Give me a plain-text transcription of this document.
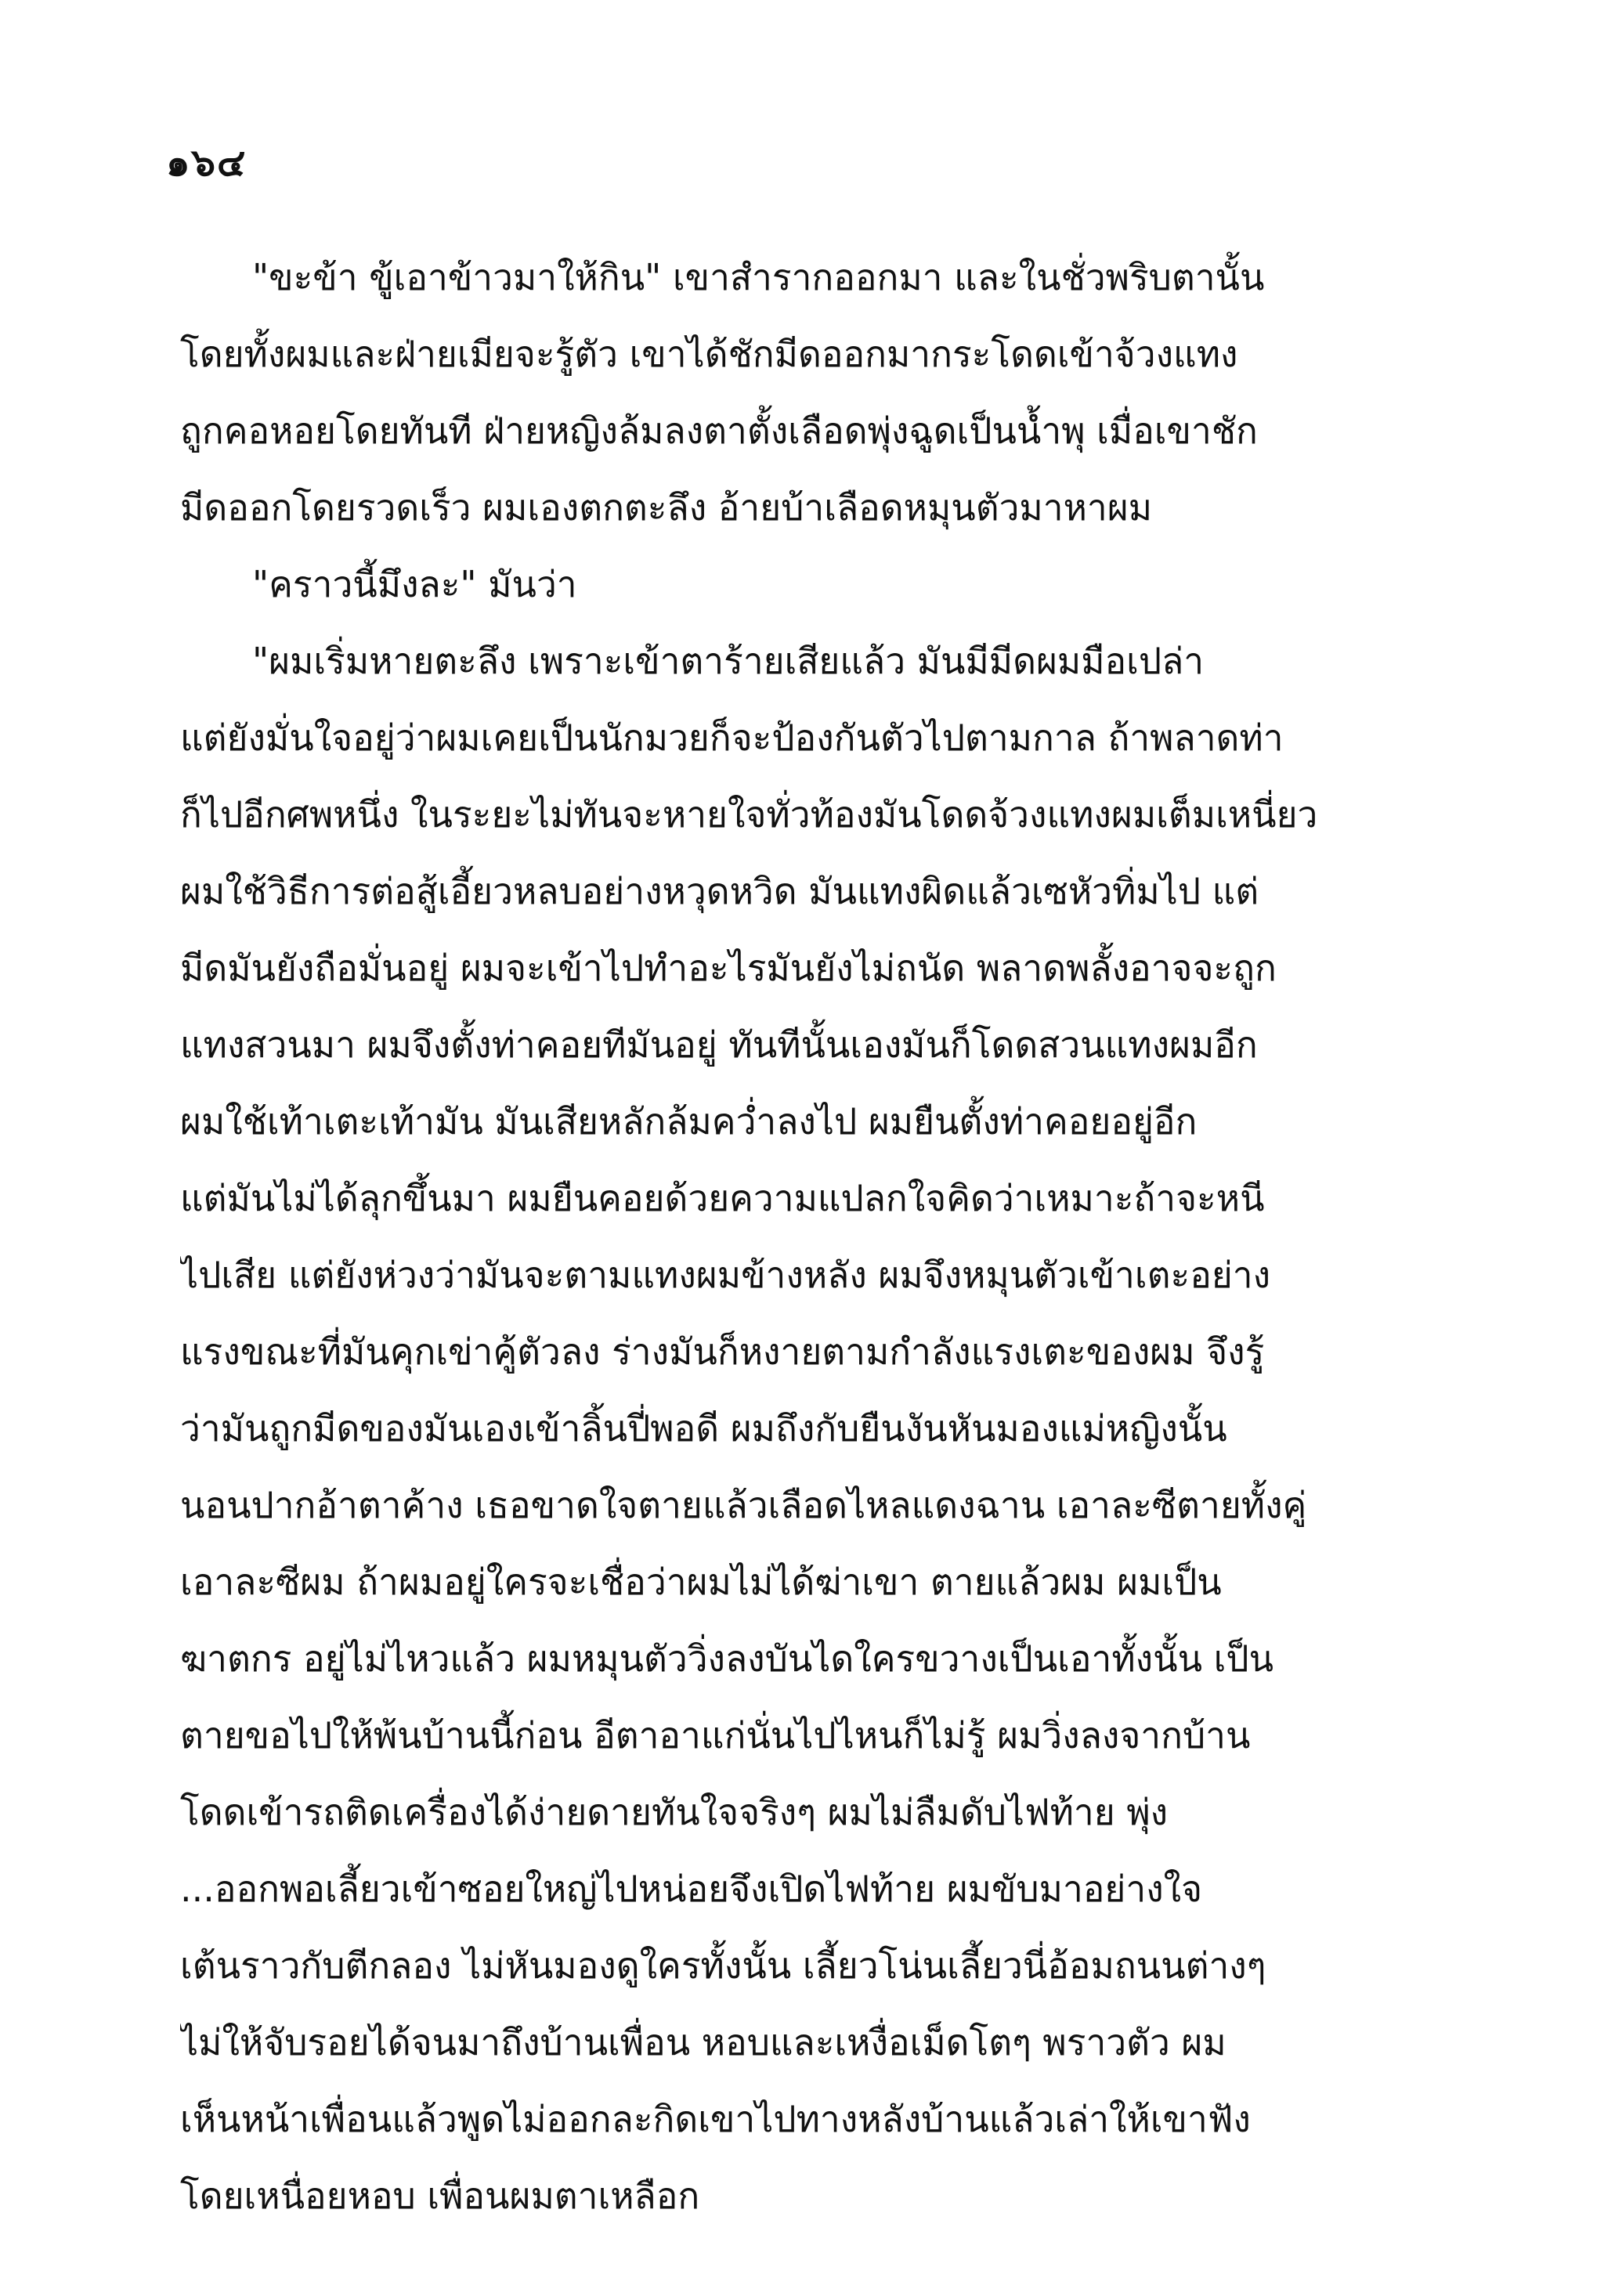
๑๖๔
"ขะข้า ขู้เอาข้าวมาให้กิน" เขาสำรากออกมา และในชั่วพริบตานั้น
โดยทั้งผมและฝ่ายเมียจะรู้ตัว เขาได้ชักมีดออกมากระโดดเข้าจ้วงแทง
ถูกคอหอยโดยทันที ฝ่ายหญิงล้มลงตาตั้งเลือดพุ่งฉูดเป็นน้ำพุ เมื่อเขาชัก
มีดออกโดยรวดเร็ว ผมเองตกตะลึง อ้ายบ้าเลือดหมุนตัวมาหาผม
"คราวนี้มึงละ" มันว่า
"ผมเริ่มหายตะลึง เพราะเข้าตาร้ายเสียแล้ว มันมีมีดผมมือเปล่า
แต่ยังมั่นใจอยู่ว่าผมเคยเป็นนักมวยก็จะป้องกันตัวไปตามกาล ถ้าพลาดท่า
ก็ไปอีกศพหนึ่ง ในระยะไม่ทันจะหายใจทั่วท้องมันโดดจ้วงแทงผมเต็มเหนี่ยว
ผมใช้วิธีการต่อสู้เอี้ยวหลบอย่างหวุดหวิด มันแทงผิดแล้วเซหัวทิ่มไป แต่
มีดมันยังถือมั่นอยู่ ผมจะเข้าไปทำอะไรมันยังไม่ถนัด พลาดพลั้งอาจจะถูก
แทงสวนมา ผมจึงตั้งท่าคอยทีมันอยู่ ทันทีนั้นเองมันก็โดดสวนแทงผมอีก
ผมใช้เท้าเตะเท้ามัน มันเสียหลักล้มคว่ำลงไป ผมยืนตั้งท่าคอยอยู่อีก
แต่มันไม่ได้ลุกขึ้นมา ผมยืนคอยด้วยความแปลกใจคิดว่าเหมาะถ้าจะหนี
ไปเสีย แต่ยังห่วงว่ามันจะตามแทงผมข้างหลัง ผมจึงหมุนตัวเข้าเตะอย่าง
แรงขณะที่มันคุกเข่าคู้ตัวลง ร่างมันก็หงายตามกำลังแรงเตะของผม จึงรู้
ว่ามันถูกมีดของมันเองเข้าลิ้นปี่พอดี ผมถึงกับยืนงันหันมองแม่หญิงนั้น
นอนปากอ้าตาค้าง เธอขาดใจตายแล้วเลือดไหลแดงฉาน เอาละซีตายทั้งคู่
เอาละซีผม ถ้าผมอยู่ใครจะเชื่อว่าผมไม่ได้ฆ่าเขา ตายแล้วผม ผมเป็น
ฆาตกร อยู่ไม่ไหวแล้ว ผมหมุนตัววิ่งลงบันไดใครขวางเป็นเอาทั้งนั้น เป็น
ตายขอไปให้พ้นบ้านนี้ก่อน อีตาอาแก่นั่นไปไหนก็ไม่รู้ ผมวิ่งลงจากบ้าน
โดดเข้ารถติดเครื่องได้ง่ายดายทันใจจริงๆ ผมไม่ลืมดับไฟท้าย พุ่ง
...ออกพอเลี้ยวเข้าซอยใหญ่ไปหน่อยจึงเปิดไฟท้าย ผมขับมาอย่างใจ
เต้นราวกับตีกลอง ไม่หันมองดูใครทั้งนั้น เลี้ยวโน่นเลี้ยวนี่อ้อมถนนต่างๆ
ไม่ให้จับรอยได้จนมาถึงบ้านเพื่อน หอบและเหงื่อเม็ดโตๆ พราวตัว ผม
เห็นหน้าเพื่อนแล้วพูดไม่ออกละกิดเขาไปทางหลังบ้านแล้วเล่าให้เขาฟัง
โดยเหนื่อยหอบ เพื่อนผมตาเหลือก
